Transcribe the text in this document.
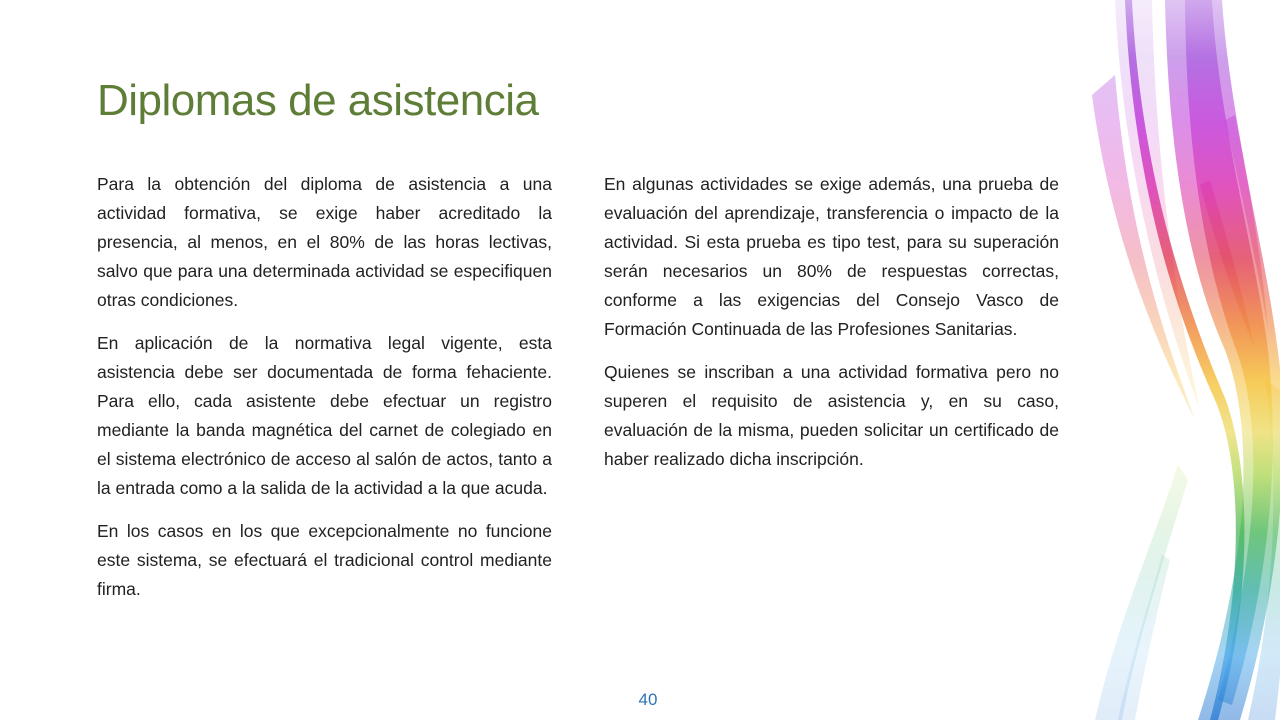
Diplomas de asistencia

Para la obtención del diploma de asistencia a una actividad formativa, se exige haber acreditado la presencia, al menos, en el 80% de las horas lectivas, salvo que para una determinada actividad se especifiquen otras condiciones.

En aplicación de la normativa legal vigente, esta asistencia debe ser documentada de forma fehaciente. Para ello, cada asistente debe efectuar un registro mediante la banda magnética del carnet de colegiado en el sistema electrónico de acceso al salón de actos, tanto a la entrada como a la salida de la actividad a la que acuda.

En los casos en los que excepcionalmente no funcione este sistema, se efectuará el tradicional control mediante firma.

En algunas actividades se exige además, una prueba de evaluación del aprendizaje, transferencia o impacto de la actividad. Si esta prueba es tipo test, para su superación serán necesarios un 80% de respuestas correctas, conforme a las exigencias del Consejo Vasco de Formación Continuada de las Profesiones Sanitarias.

Quienes se inscriban a una actividad formativa pero no superen el requisito de asistencia y, en su caso, evaluación de la misma, pueden solicitar un certificado de haber realizado dicha inscripción.

40
